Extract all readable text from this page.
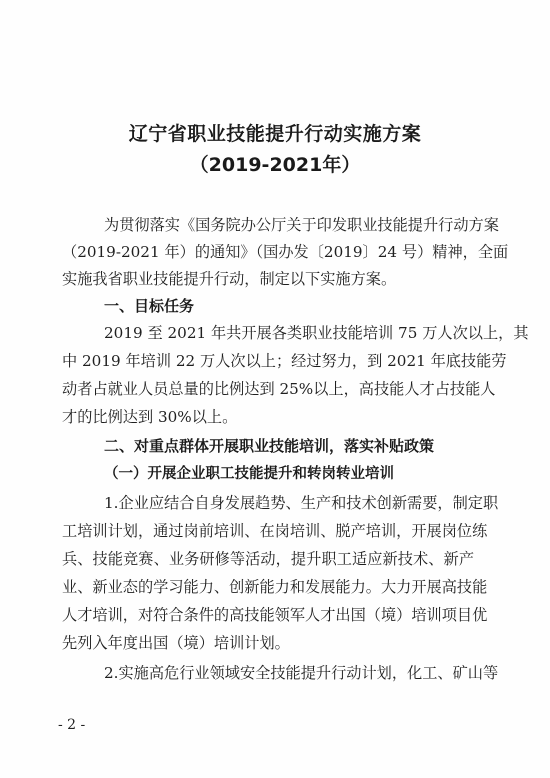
辽宁省职业技能提升行动实施方案
（2019-2021年）
为贯彻落实《国务院办公厅关于印发职业技能提升行动方案
（2019-2021 年）的通知》（国办发〔2019〕24 号）精神，全面
实施我省职业技能提升行动，制定以下实施方案。
一、目标任务
2019 至 2021 年共开展各类职业技能培训 75 万人次以上，其
中 2019 年培训 22 万人次以上；经过努力，到 2021 年底技能劳
动者占就业人员总量的比例达到 25%以上，高技能人才占技能人
才的比例达到 30%以上。
二、对重点群体开展职业技能培训，落实补贴政策
（一）开展企业职工技能提升和转岗转业培训
1.企业应结合自身发展趋势、生产和技术创新需要，制定职
工培训计划，通过岗前培训、在岗培训、脱产培训，开展岗位练
兵、技能竞赛、业务研修等活动，提升职工适应新技术、新产
业、新业态的学习能力、创新能力和发展能力。大力开展高技能
人才培训，对符合条件的高技能领军人才出国（境）培训项目优
先列入年度出国（境）培训计划。
2.实施高危行业领域安全技能提升行动计划，化工、矿山等
- 2 -
